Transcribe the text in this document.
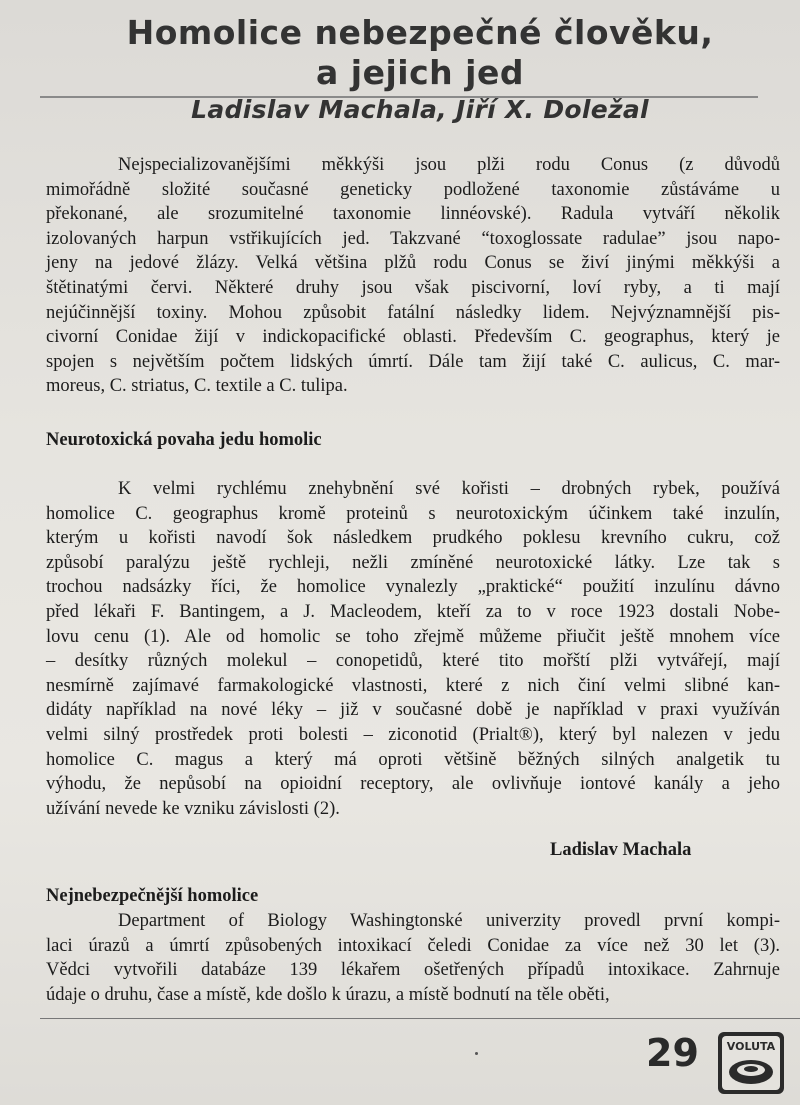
Homolice nebezpečné člověku,
a jejich jed
Ladislav Machala, Jiří X. Doležal
Nejspecializovanějšími měkkýši jsou plži rodu Conus (z důvodů
mimořádně složité současné geneticky podložené taxonomie zůstáváme u
překonané, ale srozumitelné taxonomie linnéovské). Radula vytváří několik
izolovaných harpun vstřikujících jed. Takzvané “toxoglossate radulae” jsou napo-
jeny na jedové žlázy. Velká většina plžů rodu Conus se živí jinými měkkýši a
štětinatými červi. Některé druhy jsou však piscivorní, loví ryby, a ti mají
nejúčinnější toxiny. Mohou způsobit fatální následky lidem. Nejvýznamnější pis-
civorní Conidae žijí v indickopacifické oblasti. Především C. geographus, který je
spojen s největším počtem lidských úmrtí. Dále tam žijí také C. aulicus, C. mar-
moreus, C. striatus, C. textile a C. tulipa.
Neurotoxická povaha jedu homolic
K velmi rychlému znehybnění své kořisti – drobných rybek, používá
homolice C. geographus kromě proteinů s neurotoxickým účinkem také inzulín,
kterým u kořisti navodí šok následkem prudkého poklesu krevního cukru, což
způsobí paralýzu ještě rychleji, nežli zmíněné neurotoxické látky. Lze tak s
trochou nadsázky říci, že homolice vynalezly „praktické“ použití inzulínu dávno
před lékaři F. Bantingem, a J. Macleodem, kteří za to v roce 1923 dostali Nobe-
lovu cenu (1). Ale od homolic se toho zřejmě můžeme přiučit ještě mnohem více
– desítky různých molekul – conopetidů, které tito mořští plži vytvářejí, mají
nesmírně zajímavé farmakologické vlastnosti, které z nich činí velmi slibné kan-
didáty například na nové léky – již v současné době je například v praxi využíván
velmi silný prostředek proti bolesti – ziconotid (Prialt®), který byl nalezen v jedu
homolice C. magus a který má oproti většině běžných silných analgetik tu
výhodu, že nepůsobí na opioidní receptory, ale ovlivňuje iontové kanály a jeho
užívání nevede ke vzniku závislosti (2).
Ladislav Machala
Nejnebezpečnější homolice
Department of Biology Washingtonské univerzity provedl první kompi-
laci úrazů a úmrtí způsobených intoxikací čeledi Conidae za více než 30 let (3).
Vědci vytvořili databáze 139 lékařem ošetřených případů intoxikace. Zahrnuje
údaje o druhu, čase a místě, kde došlo k úrazu, a místě bodnutí na těle oběti,
29	VOLUTA
